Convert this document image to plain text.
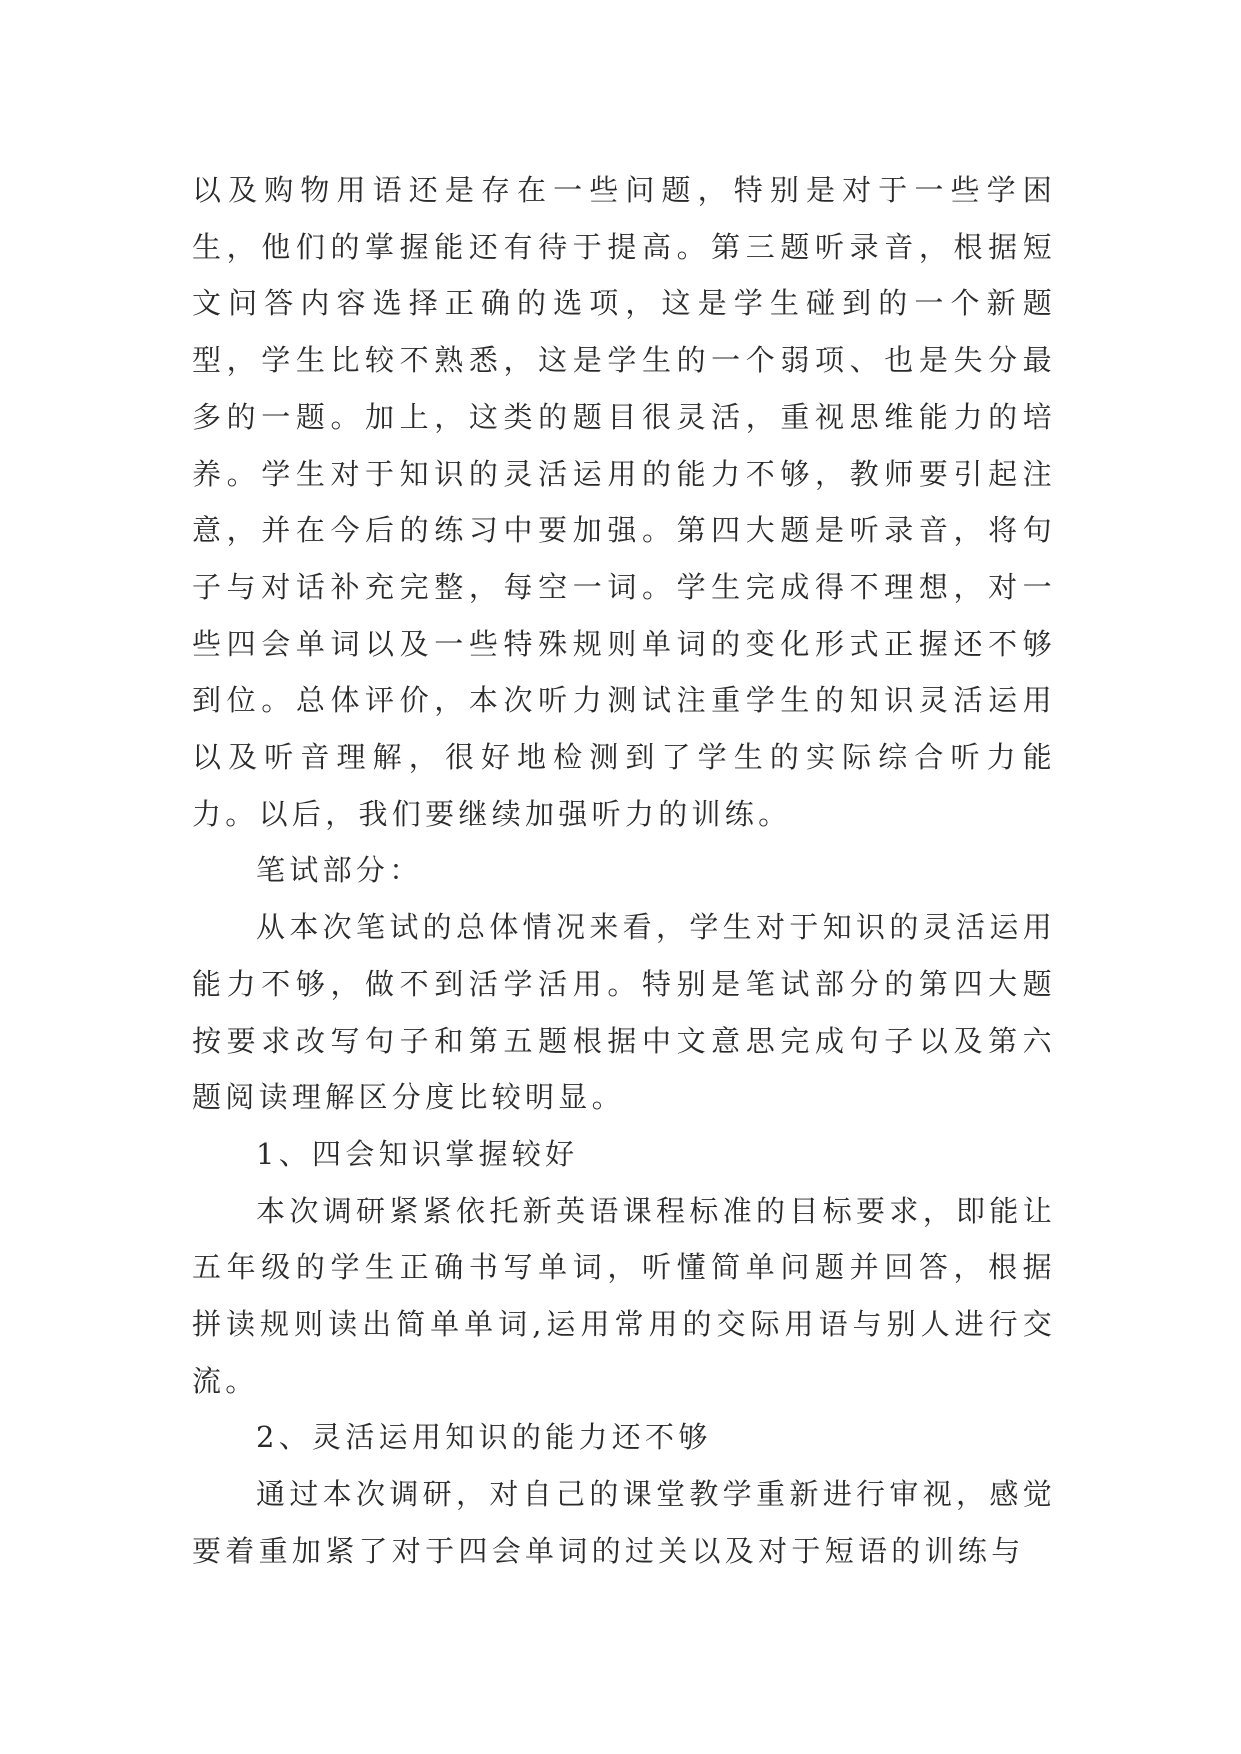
以及购物用语还是存在一些问题，特别是对于一些学困生，他们的掌握能还有待于提高。第三题听录音，根据短文问答内容选择正确的选项，这是学生碰到的一个新题型，学生比较不熟悉，这是学生的一个弱项、也是失分最多的一题。加上，这类的题目很灵活，重视思维能力的培养。学生对于知识的灵活运用的能力不够，教师要引起注意，并在今后的练习中要加强。第四大题是听录音，将句子与对话补充完整，每空一词。学生完成得不理想，对一些四会单词以及一些特殊规则单词的变化形式正握还不够到位。总体评价，本次听力测试注重学生的知识灵活运用以及听音理解，很好地检测到了学生的实际综合听力能力。以后，我们要继续加强听力的训练。

笔试部分：

从本次笔试的总体情况来看，学生对于知识的灵活运用能力不够，做不到活学活用。特别是笔试部分的第四大题按要求改写句子和第五题根据中文意思完成句子以及第六题阅读理解区分度比较明显。

1、四会知识掌握较好

本次调研紧紧依托新英语课程标准的目标要求，即能让五年级的学生正确书写单词，听懂简单问题并回答，根据拼读规则读出简单单词,运用常用的交际用语与别人进行交流。

2、灵活运用知识的能力还不够

通过本次调研，对自己的课堂教学重新进行审视，感觉要着重加紧了对于四会单词的过关以及对于短语的训练与
